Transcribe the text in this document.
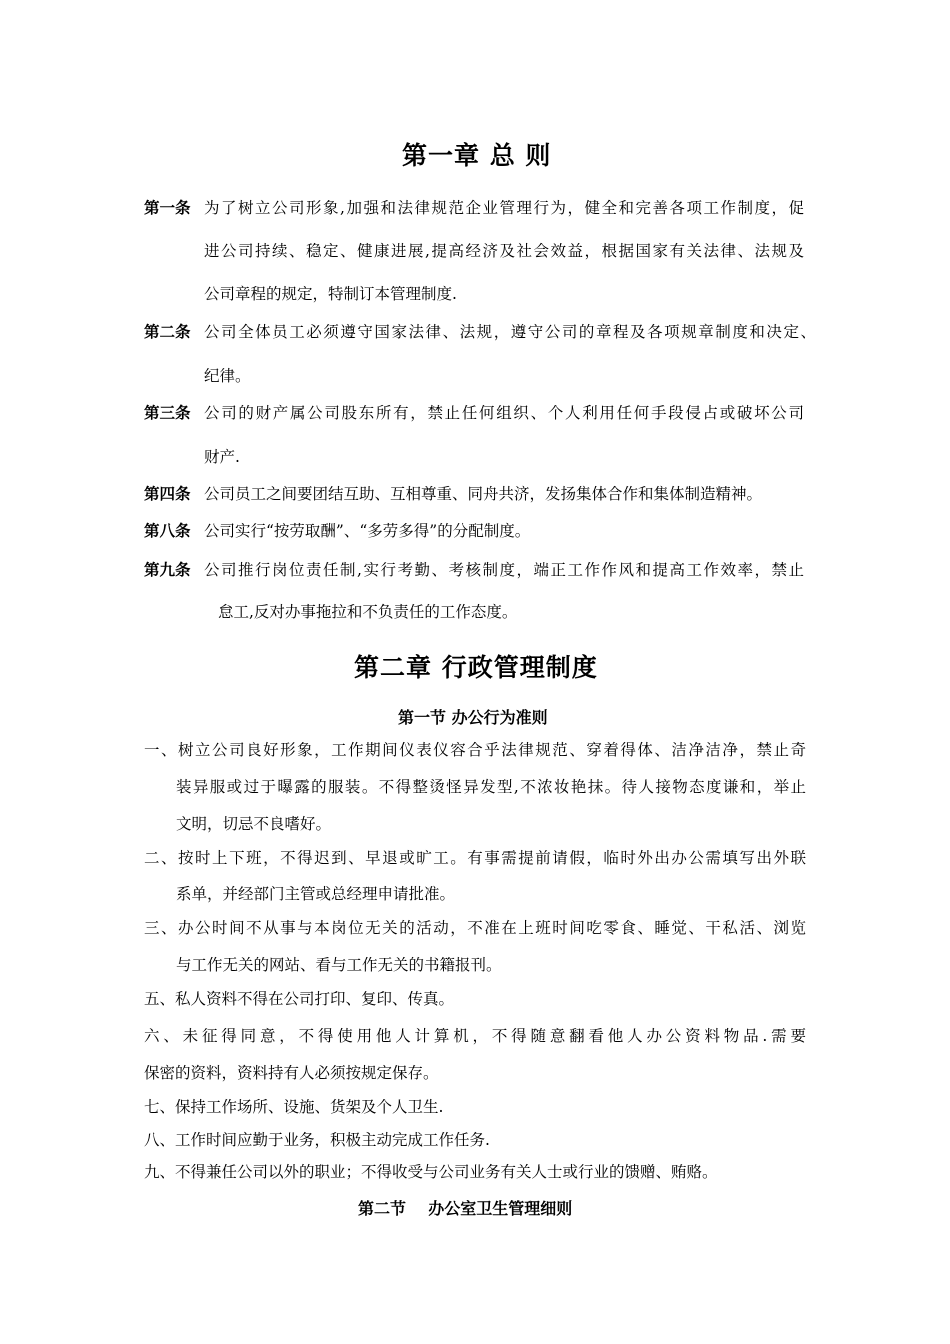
第一章 总 则
第一条 为了树立公司形象,加强和法律规范企业管理行为，健全和完善各项工作制度，促
进公司持续、稳定、健康进展,提高经济及社会效益，根据国家有关法律、法规及
公司章程的规定，特制订本管理制度.
第二条 公司全体员工必须遵守国家法律、法规，遵守公司的章程及各项规章制度和决定、
纪律。
第三条 公司的财产属公司股东所有，禁止任何组织、个人利用任何手段侵占或破坏公司
财产.
第四条 公司员工之间要团结互助、互相尊重、同舟共济，发扬集体合作和集体制造精神。
第八条 公司实行“按劳取酬”、“多劳多得”的分配制度。
第九条 公司推行岗位责任制,实行考勤、考核制度，端正工作作风和提高工作效率，禁止
怠工,反对办事拖拉和不负责任的工作态度。
第二章 行政管理制度
第一节 办公行为准则
一、树立公司良好形象，工作期间仪表仪容合乎法律规范、穿着得体、洁净洁净，禁止奇
装异服或过于曝露的服装。不得整烫怪异发型,不浓妆艳抹。待人接物态度谦和，举止
文明，切忌不良嗜好。
二、按时上下班，不得迟到、早退或旷工。有事需提前请假，临时外出办公需填写出外联
系单，并经部门主管或总经理申请批准。
三、办公时间不从事与本岗位无关的活动，不准在上班时间吃零食、睡觉、干私活、浏览
与工作无关的网站、看与工作无关的书籍报刊。
五、私人资料不得在公司打印、复印、传真。
六、未征得同意，不得使用他人计算机，不得随意翻看他人办公资料物品.需要
保密的资料，资料持有人必须按规定保存。
七、保持工作场所、设施、货架及个人卫生.
八、工作时间应勤于业务，积极主动完成工作任务.
九、不得兼任公司以外的职业；不得收受与公司业务有关人士或行业的馈赠、贿赂。
第二节    办公室卫生管理细则
